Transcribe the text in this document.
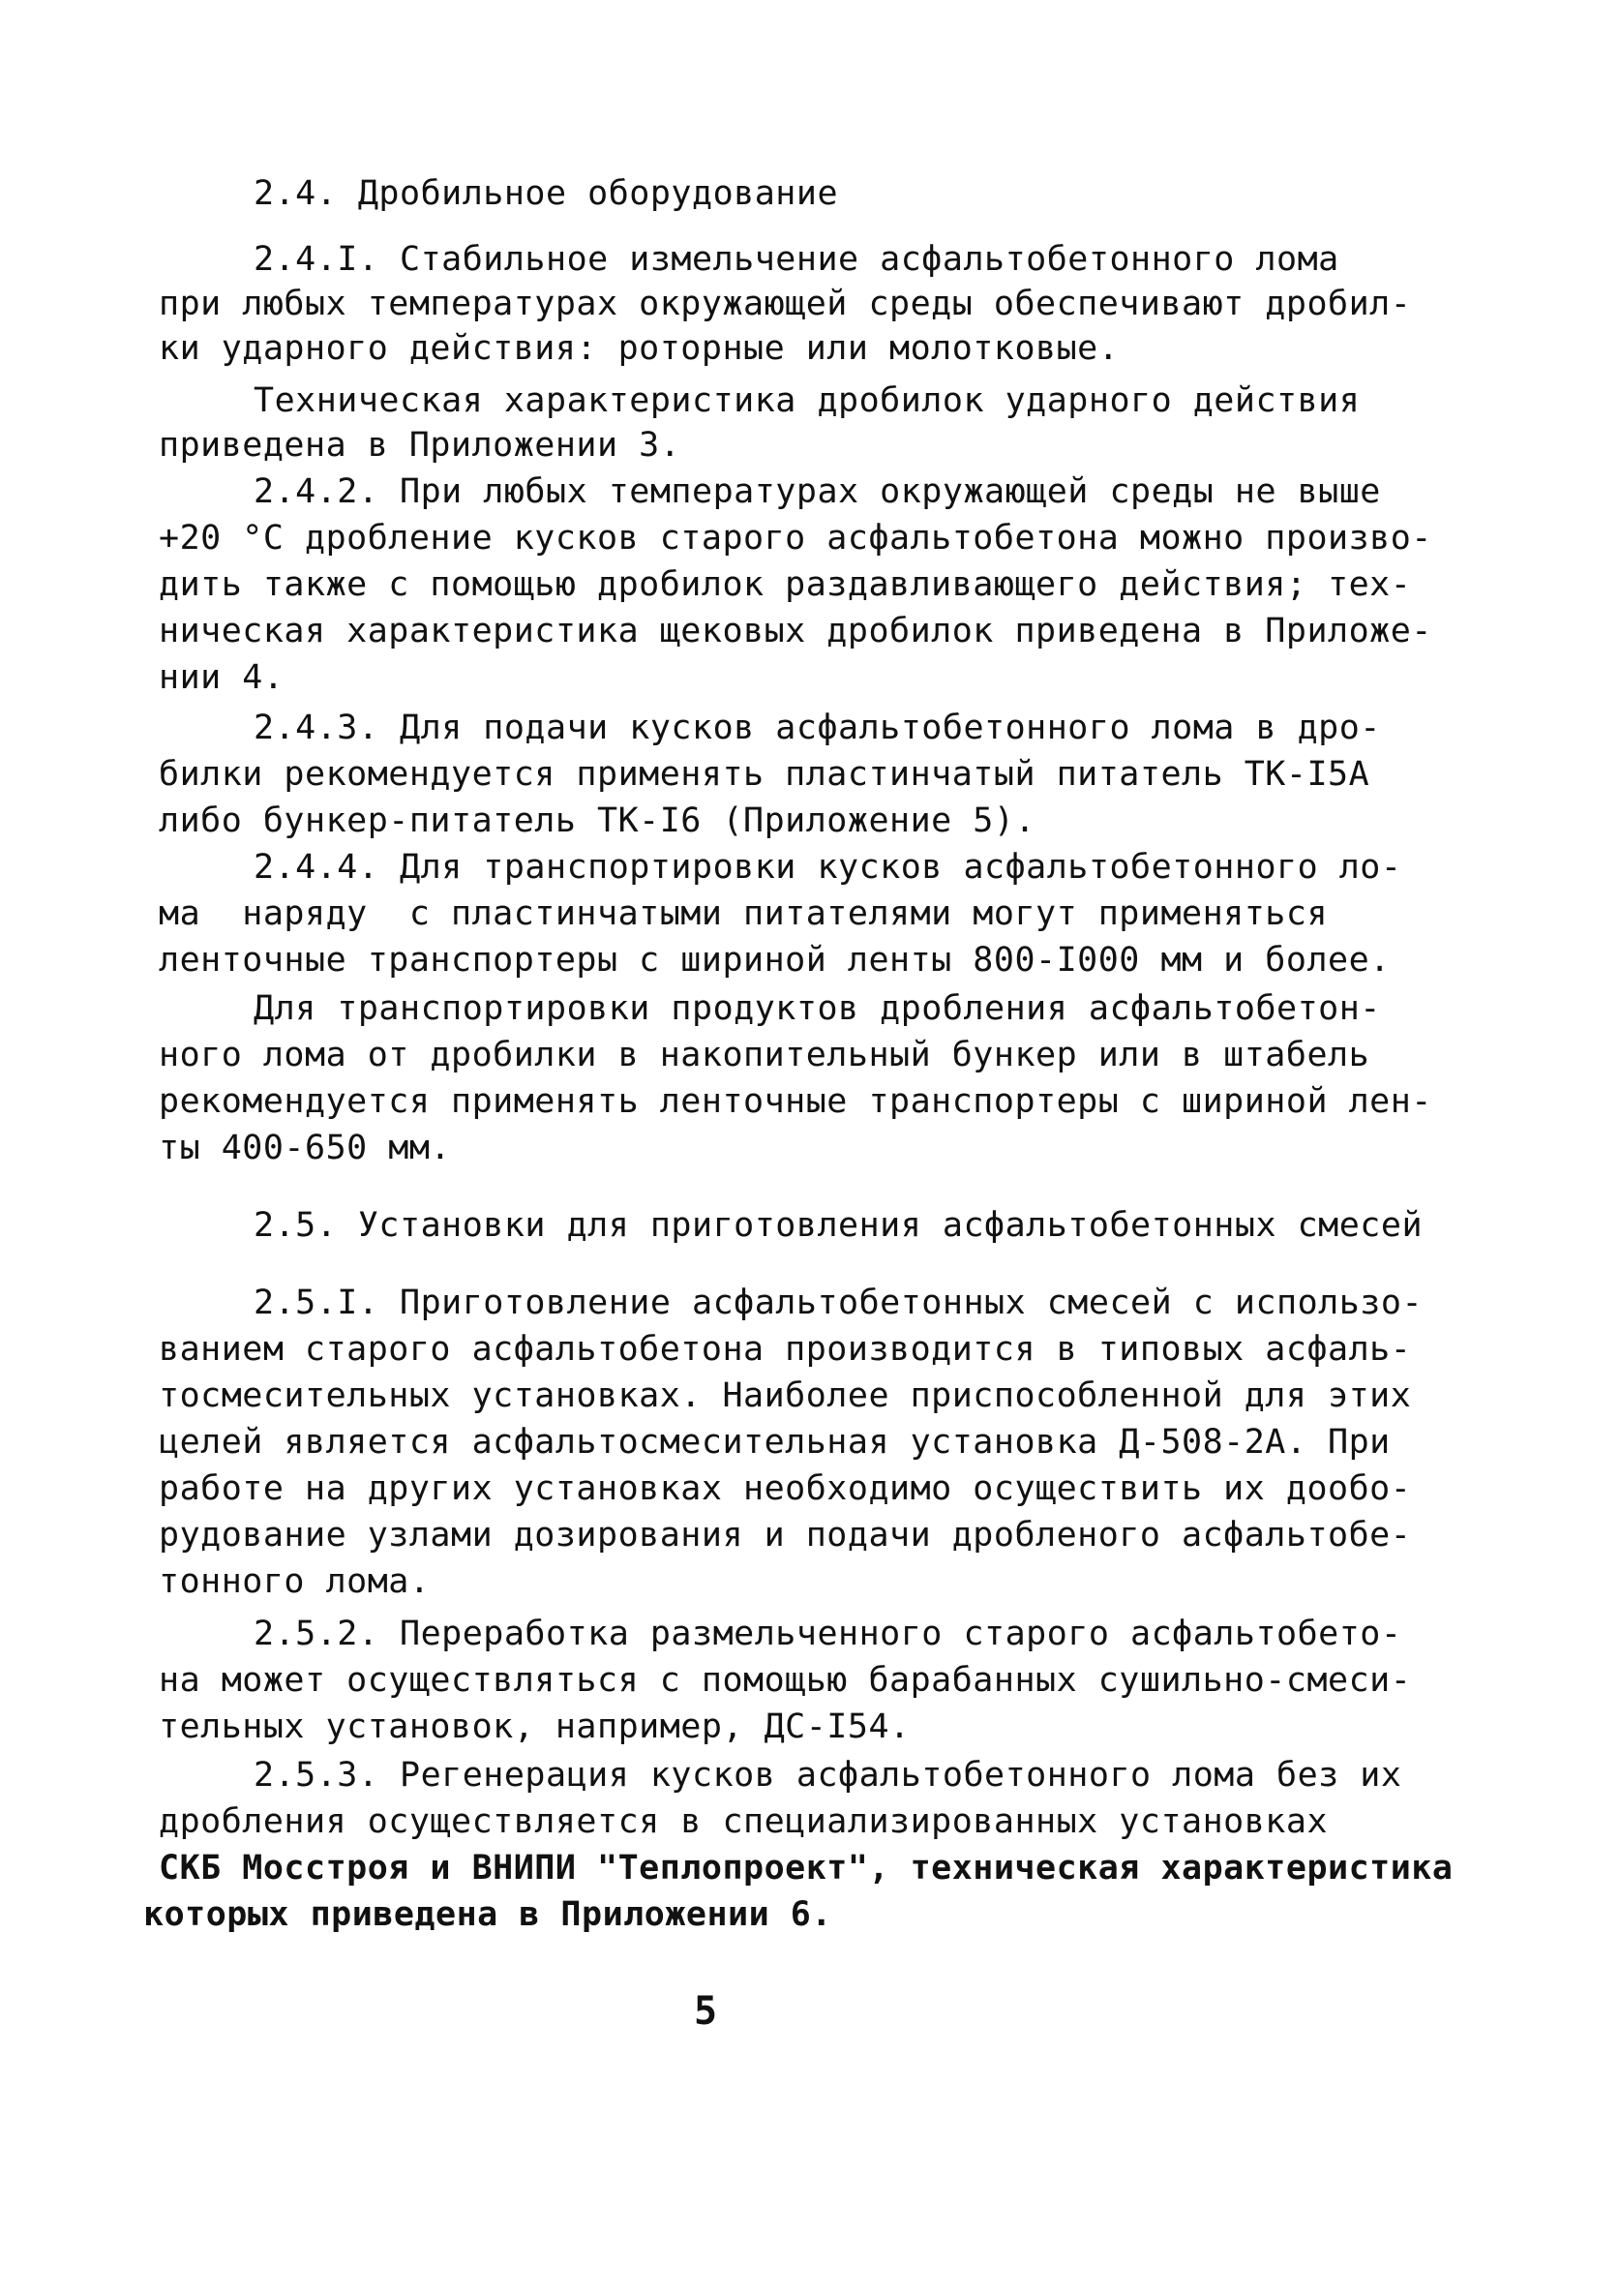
2.4. Дробильное оборудование
2.4.I. Стабильное измельчение асфальтобетонного лома
при любых температурах окружающей среды обеспечивают дробил-
ки ударного действия: роторные или молотковые.
Техническая характеристика дробилок ударного действия
приведена в Приложении 3.
2.4.2. При любых температурах окружающей среды не выше
+20 °С дробление кусков старого асфальтобетона можно произво-
дить также с помощью дробилок раздавливающего действия; тех-
ническая характеристика щековых дробилок приведена в Приложе-
нии 4.
2.4.3. Для подачи кусков асфальтобетонного лома в дро-
билки рекомендуется применять пластинчатый питатель ТК-I5А
либо бункер-питатель ТК-I6 (Приложение 5).
2.4.4. Для транспортировки кусков асфальтобетонного ло-
ма  наряду  с пластинчатыми питателями могут применяться
ленточные транспортеры с шириной ленты 800-I000 мм и более.
Для транспортировки продуктов дробления асфальтобетон-
ного лома от дробилки в накопительный бункер или в штабель
рекомендуется применять ленточные транспортеры с шириной лен-
ты 400-650 мм.
2.5. Установки для приготовления асфальтобетонных смесей
2.5.I. Приготовление асфальтобетонных смесей с использо-
ванием старого асфальтобетона производится в типовых асфаль-
тосмесительных установках. Наиболее приспособленной для этих
целей является асфальтосмесительная установка Д-508-2А. При
работе на других установках необходимо осуществить их дообо-
рудование узлами дозирования и подачи дробленого асфальтобе-
тонного лома.
2.5.2. Переработка размельченного старого асфальтобето-
на может осуществляться с помощью барабанных сушильно-смеси-
тельных установок, например, ДС-I54.
2.5.3. Регенерация кусков асфальтобетонного лома без их
дробления осуществляется в специализированных установках
СКБ Мосстроя и ВНИПИ "Теплопроект", техническая характеристика
которых приведена в Приложении 6.
5
